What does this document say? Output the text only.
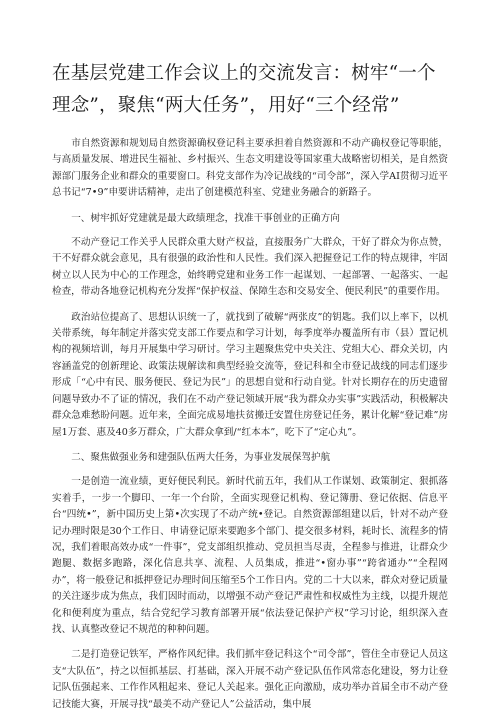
在基层党建工作会议上的交流发言：树牢“一个理念”，聚焦“两大任务”，用好“三个经常”

市自然资源和规划局自然资源确权登记科主要承担着自然资源和不动产确权登记等职能，与高质量发展、增进民生福祉、乡村振兴、生态文明建设等国家重大战略密切相关，是自然资源部门服务企业和群众的重要窗口。科党支部作为冷记战线的“司令部”，深入学AI贯彻习近平总书记“7•9”申要讲话精神，走出了创建模范科室、党建业务融合的新路子。

一、树牢抓好党建就是最大政绩理念，找准干事创业的正确方向

不动产登记工作关乎人民群众重大财产权益，直接服务广大群众，干好了群众为你点赞，干不好群众就会意见，具有很强的政治性和人民性。我们深入把握登记工作的特点规律，牢固树立以人民为中心的工作理念，始终聘党建和业务工作一起谋划、一起部署、一起落实、一起检查，带动各地登记机构充分发挥“保护权益、保障生态和交易安全、便民利民”的重要作用。

政治站位提高了、思想认识统一了，就找到了破解“两张皮”的钥匙。我们以上率下，以机关带系统，每年制定并落实党支部工作要点和学习计划，每季度举办覆盖所有市（县）置记机构的视频培训，每月开展集中学习研讨。学习主题聚焦党中央关注、党组大心、群众关切，内容涵盖党的创新理论、政策法规解读和典型经验交流等，登记科和全市登记战线的同志们逐步形成「“心中有民、服务便民、登记为民”」的思想自觉和行动自觉。针对长期存在的历史遗留问题导致办不了证的情况，我们在不动产登记领域开展“我为群众办实事”实践活动，积极解决群众急难愁盼问题。近年来，全面完成易地扶贫搬迁安置住房登记任务，累计化解“登记难”房屋1万套、惠及40多万群众，广大群众拿到/“红本本”，吃下了“定心丸”。

二、聚焦做强业务和建强队伍两大任务，为事业发展保驾护航

一是创造一流业绩，更好便民利民。新时代前五年，我们从工作谋划、政策制定、狠抓落实着手，一步一个脚印、一年一个台阶，全面实现登记机构、登记簿册、登记依据、信息平台“四统•”，新中国历史上第•次实现了不动产统•登记。自然资源部组建以后，针对不动产登记办理时限是30个工作日、申请登记原来要跑多个部门、提交很多材料，耗时长、流程多的情况，我们着眼高效办成“一件事”，党支部组织推动、党员担当尽责，全程参与推进，让群众少跑腿、数据多跑路，深化信息共享、流程、人员集成，推进“•窗办事”“跨省通办”“全程网办”，将一般登记和抵押登记办理时间压缩至5个工作日内。党的二十大以来，群众对登记质量的关注逐步成为焦点，我们因时而动，以增强不动产登记严肃性和权威性为主线，以提升规范化和便利度为重点，结合党纪学习教育部署开展“依法登记保护产权”学习讨论，组织深入查找、认真整改登记不规范的种种问题。

二是打造登记铁军，严格作风纪律。我们抓牢登记科这个“司令部”，管住全市登记人员这支“大队伍”，持之以恒抓基层、打基础，深入开展不动产登记队伍作风常态化建设，努力让登记队伍强起来、工作作风粗起来、登记人关起来。强化正向激励，成功举办首届全市不动产登记技能大赛，开展寻找“最美不动产登记人”公益活动，集中展
